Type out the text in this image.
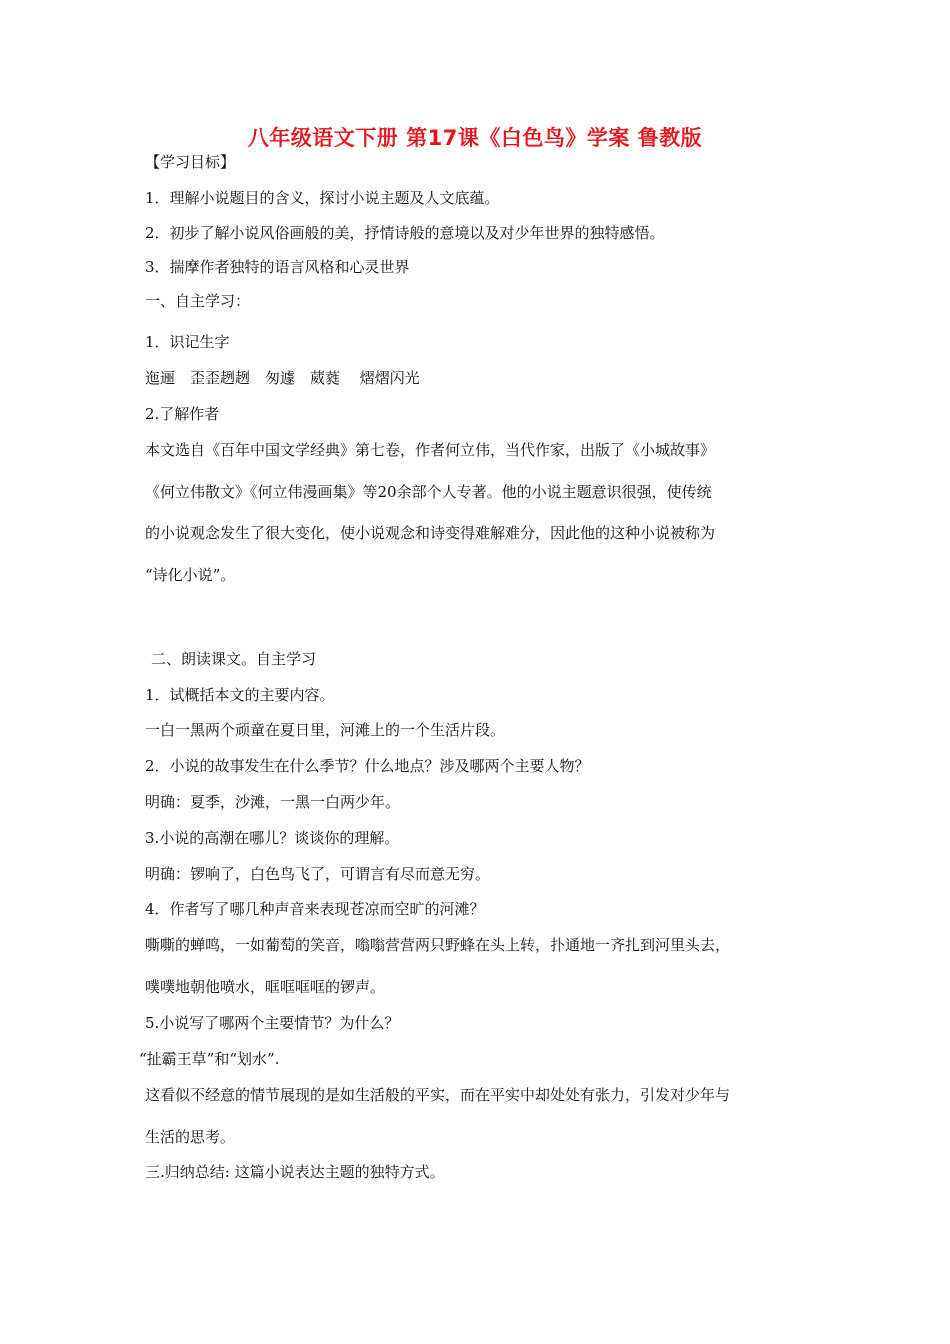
八年级语文下册 第17课《白色鸟》学案 鲁教版
【学习目标】
1．理解小说题目的含义，探讨小说主题及人文底蕴。
2．初步了解小说风俗画般的美，抒情诗般的意境以及对少年世界的独特感悟。
3．揣摩作者独特的语言风格和心灵世界
一、自主学习：
1．识记生字
迤逦　歪歪趔趔　匆遽　葳蕤　 熠熠闪光
2.了解作者
本文选自《百年中国文学经典》第七卷，作者何立伟，当代作家，出版了《小城故事》
《何立伟散文》《何立伟漫画集》等20余部个人专著。他的小说主题意识很强，使传统
的小说观念发生了很大变化，使小说观念和诗变得难解难分，因此他的这种小说被称为
“诗化小说”。
二、朗读课文。自主学习
1．试概括本文的主要内容。
一白一黑两个顽童在夏日里，河滩上的一个生活片段。
2．小说的故事发生在什么季节？什么地点？涉及哪两个主要人物？
明确：夏季，沙滩，一黑一白两少年。
3.小说的高潮在哪儿？谈谈你的理解。
明确：锣响了，白色鸟飞了，可谓言有尽而意无穷。
4．作者写了哪几种声音来表现苍凉而空旷的河滩？
嘶嘶的蝉鸣，一如葡萄的笑音，嗡嗡营营两只野蜂在头上转，扑通地一齐扎到河里头去，
噗噗地朝他喷水，哐哐哐哐的锣声。
5.小说写了哪两个主要情节？为什么？
“扯霸王草”和“划水”.
这看似不经意的情节展现的是如生活般的平实，而在平实中却处处有张力，引发对少年与
生活的思考。
三.归纳总结: 这篇小说表达主题的独特方式。
